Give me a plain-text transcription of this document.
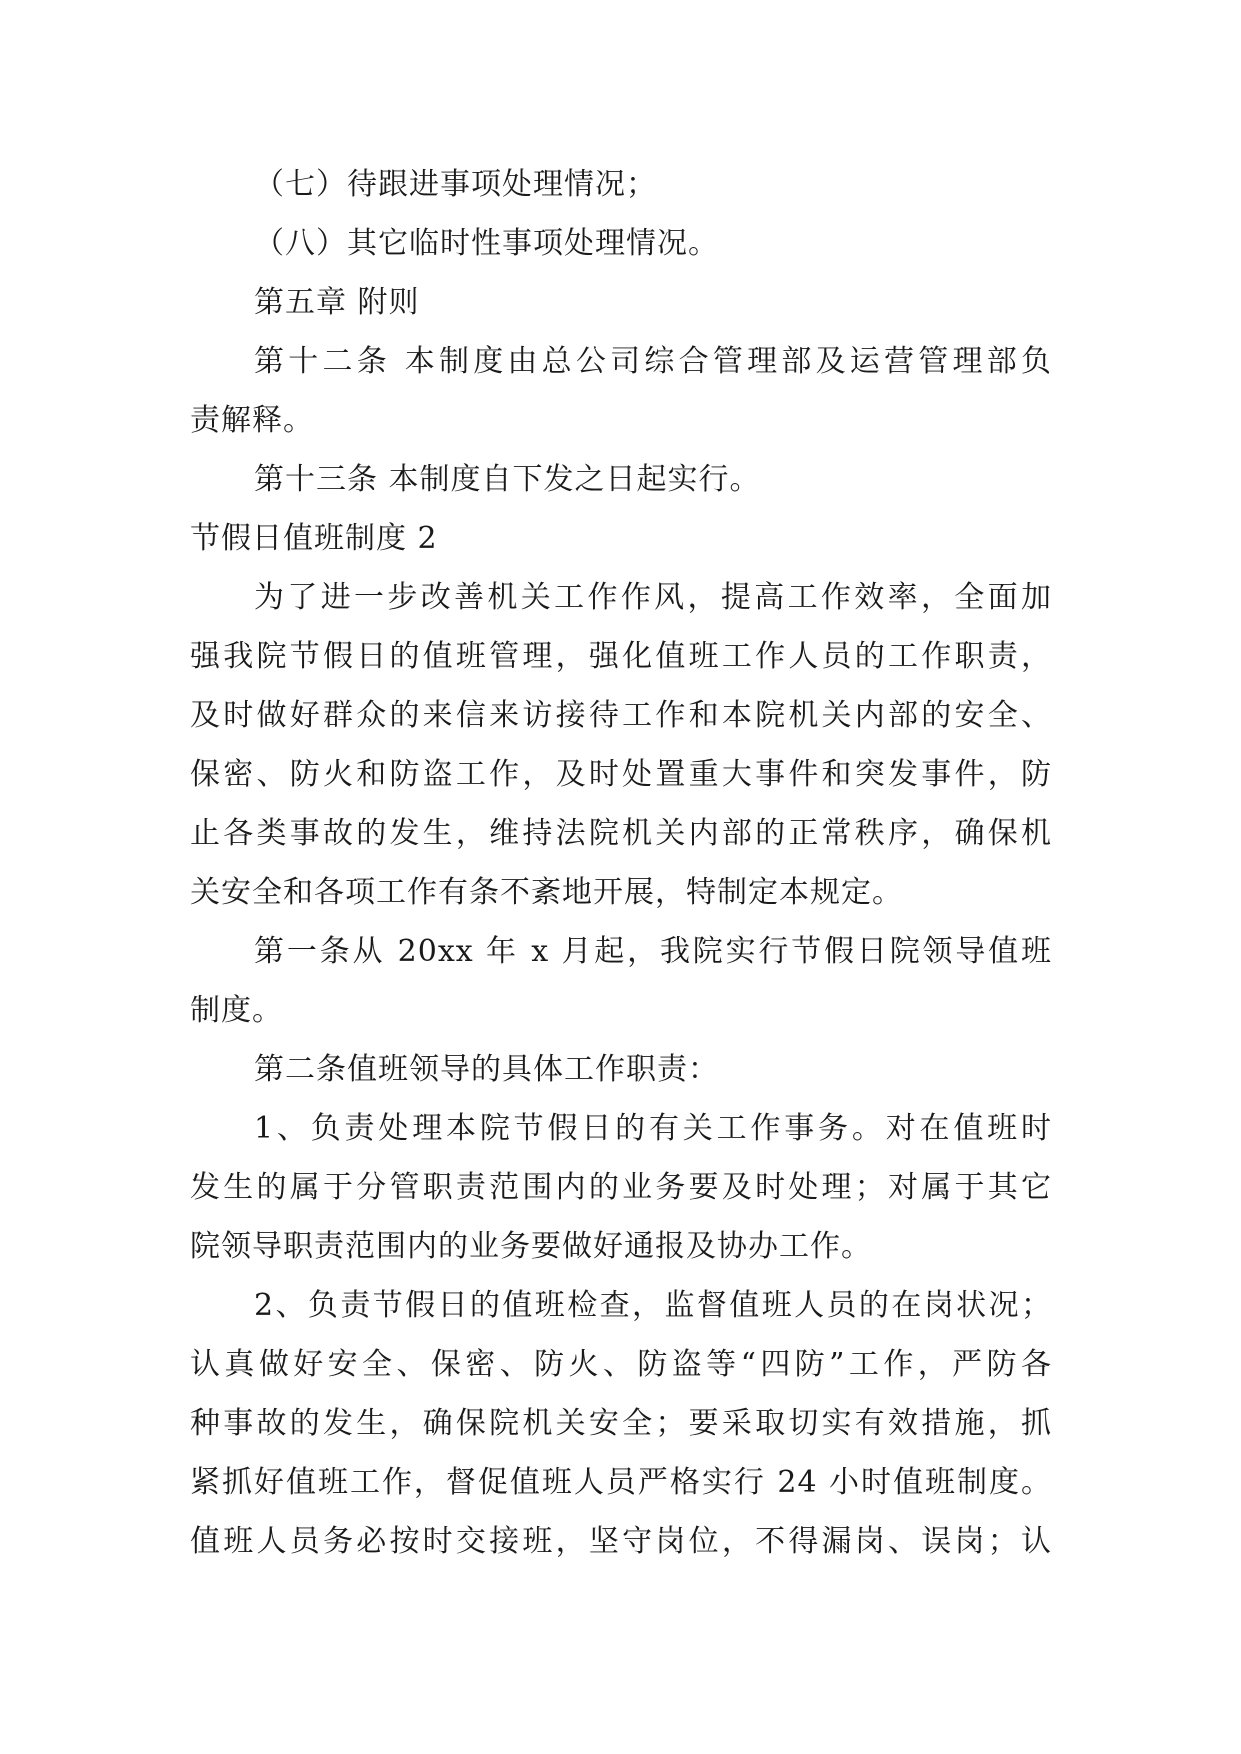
（七）待跟进事项处理情况；
（八）其它临时性事项处理情况。
第五章 附则
第十二条 本制度由总公司综合管理部及运营管理部负
责解释。
第十三条 本制度自下发之日起实行。
节假日值班制度 2
为了进一步改善机关工作作风，提高工作效率，全面加
强我院节假日的值班管理，强化值班工作人员的工作职责，
及时做好群众的来信来访接待工作和本院机关内部的安全、
保密、防火和防盗工作，及时处置重大事件和突发事件，防
止各类事故的发生，维持法院机关内部的正常秩序，确保机
关安全和各项工作有条不紊地开展，特制定本规定。
第一条从 20xx 年 x 月起，我院实行节假日院领导值班
制度。
第二条值班领导的具体工作职责：
1、负责处理本院节假日的有关工作事务。对在值班时
发生的属于分管职责范围内的业务要及时处理；对属于其它
院领导职责范围内的业务要做好通报及协办工作。
2、负责节假日的值班检查，监督值班人员的在岗状况；
认真做好安全、保密、防火、防盗等“四防”工作，严防各
种事故的发生，确保院机关安全；要采取切实有效措施，抓
紧抓好值班工作，督促值班人员严格实行 24 小时值班制度。
值班人员务必按时交接班，坚守岗位，不得漏岗、误岗；认
